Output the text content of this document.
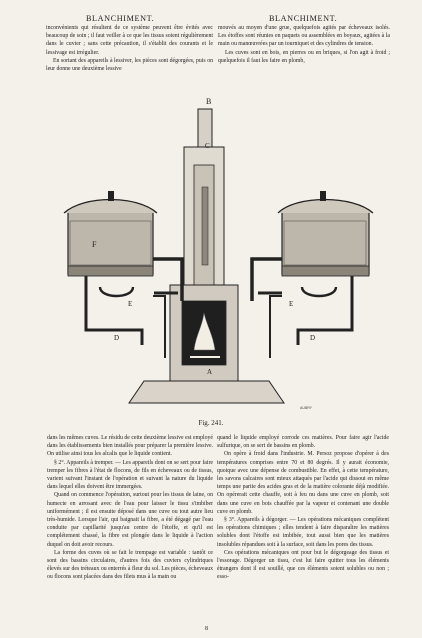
BLANCHIMENT.	BLANCHIMENT.

inconvénients qui résultent de ce système peuvent être évités avec beaucoup de soin ; il faut veiller à ce que les tissus soient régulièrement dans le cuvier ; sans cette précaution, il s'établit des courants et le lessivage est irrégulier.

En sortant des appareils à lessiver, les pièces sont dégorgées, puis on leur donne une deuxième lessive

mouvés au moyen d'une grue, quelquefois agités par écheveaux isolés. Les étoffes sont réunies en paquets ou assemblées en boyaux, agitées à la main ou manœuvrées par un tourniquet et des cylindres de tension.

Les cuves sont en bois, en pierres ou en briques, si l'on agit à froid ; quelquefois il faut les faire en plomb,

B
C
F
E
D
E
D
A
AUBRY
Fig. 241.

dans les mêmes cuves. Le résidu de cette deuxième lessive est employé dans les établissements bien installés pour préparer la première lessive. On utilise ainsi tous les alcalis que le liquide contient.

§ 2°. Appareils à tremper. — Les appareils dont on se sert pour faire tremper les fibres à l'état de flocons, de fils en écheveaux ou de tissus, varient suivant l'instant de l'opération et suivant la nature du liquide dans lequel elles doivent être immergées.

Quand on commence l'opération, surtout pour les tissus de laine, on humecte en arrosant avec de l'eau pour laisser le tissu s'imbiber uniformément ; il est ensuite déposé dans une cuve ou tout autre lieu très-humide. Lorsque l'air, qui baignait la fibre, a été dégagé par l'eau conduite par capillarité jusqu'au centre de l'étoffe, et qu'il est complétement chassé, la fibre est plongée dans le liquide à l'action duquel on doit avoir recours.

La forme des cuves où se fait le trempage est variable : tantôt ce sont des bassins circulaires, d'autres fois des cuviers cylindriques élevés sur des tréteaux ou enterrés à fleur du sol. Les pièces, écheveaux ou flocons sont placées dans des filets mus à la main ou

quand le liquide employé corrode ces matières. Pour faire agir l'acide sulfurique, on se sert de bassins en plomb.

On opère à froid dans l'industrie. M. Persoz propose d'opérer à des températures comprises entre 70 et 80 degrés. Il y aurait économie, quoique avec une dépense de combustible. En effet, à cette température, les savons calcaires sont mieux attaqués par l'acide qui dissout en même temps une partie des acides gras et de la matière colorante déjà modifiée. On opérerait cette chauffe, soit à feu nu dans une cuve en plomb, soit dans une cuve en bois chauffée par la vapeur et contenant une double cuve en plomb.

§ 3°. Appareils à dégorger. — Les opérations mécaniques complètent les opérations chimiques ; elles tendent à faire disparaître les matières solubles dont l'étoffe est imbibée, tout aussi bien que les matières insolubles répandues soit à la surface, soit dans les pores des tissus.

Ces opérations mécaniques ont pour but le dégorgeage des tissus et l'essorage. Dégorger un tissu, c'est lui faire quitter tous les éléments étrangers dont il est souillé, que ces éléments soient solubles ou non ; esso-

8
